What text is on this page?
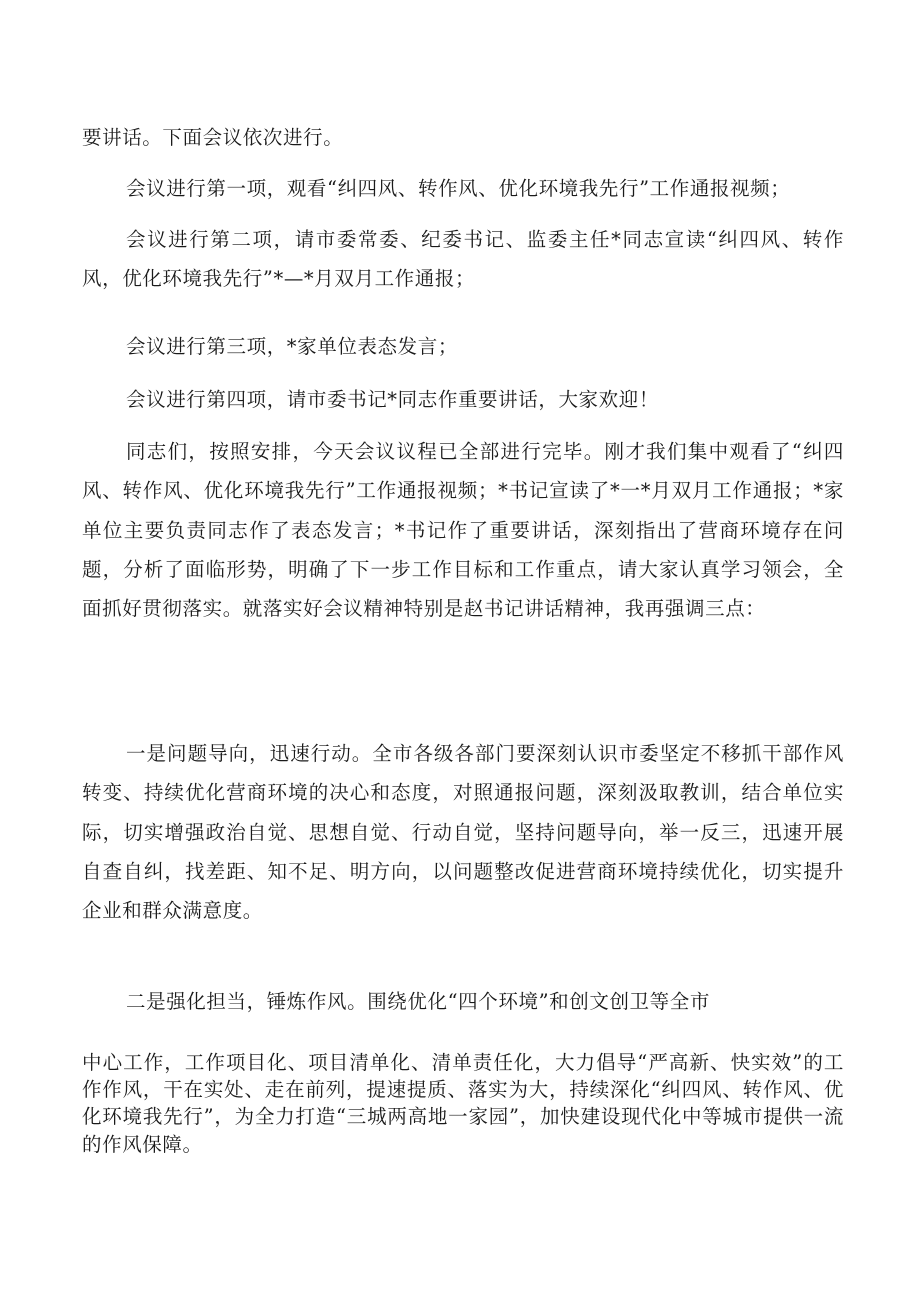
要讲话。下面会议依次进行。

会议进行第一项，观看“纠四风、转作风、优化环境我先行”工作通报视频；

会议进行第二项，请市委常委、纪委书记、监委主任*同志宣读“纠四风、转作风，优化环境我先行”*—*月双月工作通报；

会议进行第三项，*家单位表态发言；

会议进行第四项，请市委书记*同志作重要讲话，大家欢迎！

同志们，按照安排，今天会议议程已全部进行完毕。刚才我们集中观看了“纠四风、转作风、优化环境我先行”工作通报视频；*书记宣读了*一*月双月工作通报；*家单位主要负责同志作了表态发言；*书记作了重要讲话，深刻指出了营商环境存在问题，分析了面临形势，明确了下一步工作目标和工作重点，请大家认真学习领会，全面抓好贯彻落实。就落实好会议精神特别是赵书记讲话精神，我再强调三点：

一是问题导向，迅速行动。全市各级各部门要深刻认识市委坚定不移抓干部作风转变、持续优化营商环境的决心和态度，对照通报问题，深刻汲取教训，结合单位实际，切实增强政治自觉、思想自觉、行动自觉，坚持问题导向，举一反三，迅速开展自查自纠，找差距、知不足、明方向，以问题整改促进营商环境持续优化，切实提升企业和群众满意度。

二是强化担当，锤炼作风。围绕优化“四个环境”和创文创卫等全市

中心工作，工作项目化、项目清单化、清单责任化，大力倡导“严高新、快实效”的工作作风，干在实处、走在前列，提速提质、落实为大，持续深化“纠四风、转作风、优化环境我先行”，为全力打造“三城两高地一家园”，加快建设现代化中等城市提供一流的作风保障。
